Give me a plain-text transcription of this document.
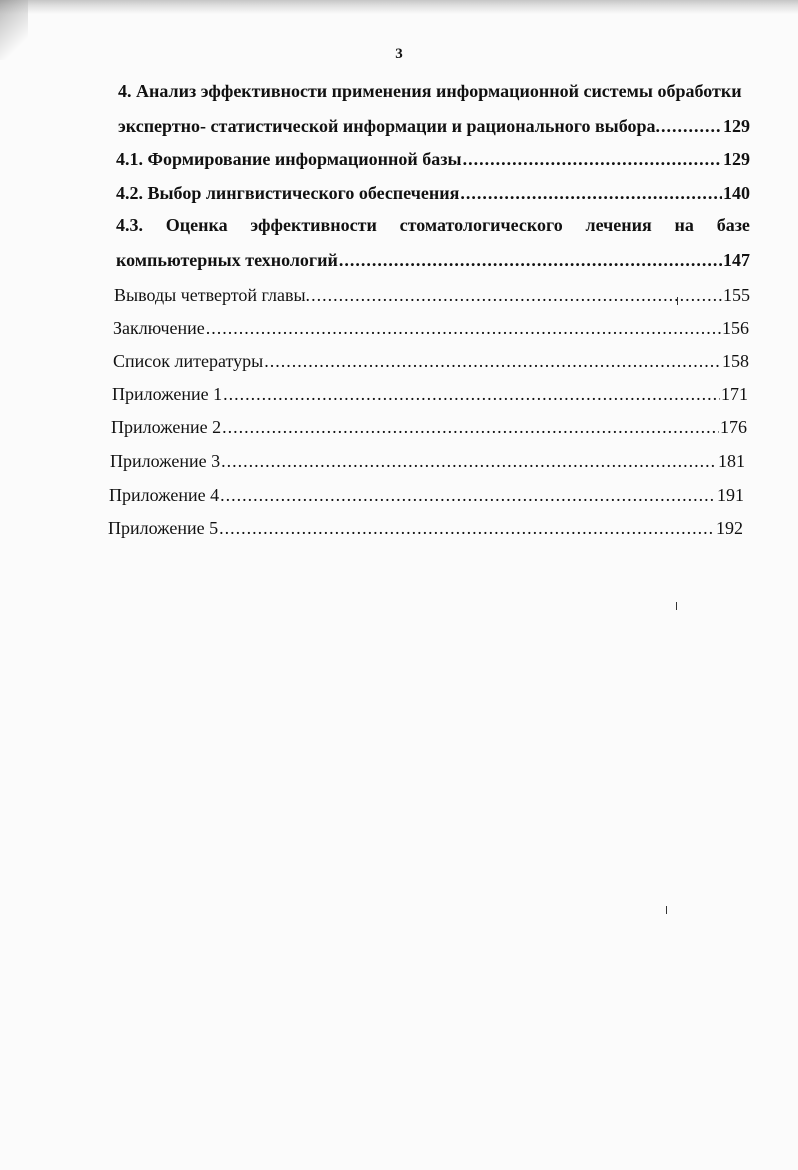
3
4. Анализ эффективности применения информационной системы обработки
экспертно- статистической информации и рационального выбора. .....	129
4.1. Формирование информационной базы .....	129
4.2. Выбор лингвистического обеспечения .....	140
4.3. Оценка эффективности стоматологического лечения на базе
компьютерных технологий .....	147
Выводы четвертой главы. .....	155
Заключение .....	156
Список литературы .....	158
Приложение 1 .....	171
Приложение 2 .....	176
Приложение 3 .....	181
Приложение 4 .....	191
Приложение 5 .....	192
